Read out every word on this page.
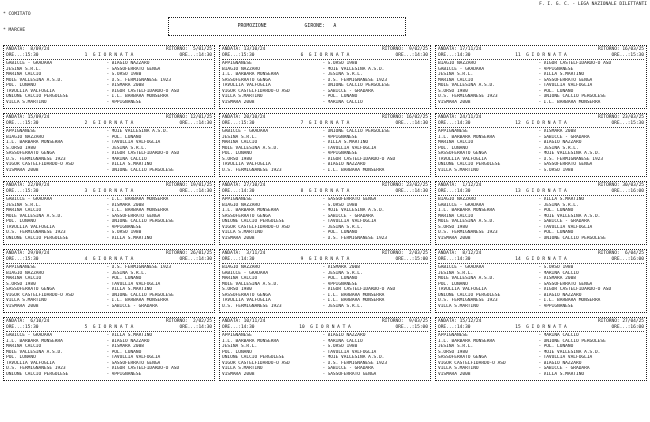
* COMITATO

* MARCHE

F. I. G. C. - LEGA NAZIONALE DILETTANTI
PROMOZIONE	GIRONE:   A
ANDATA:  8/09/24	RITORNO:  5/01/25
ORE...:15:30	1  G I O R N A T A	ORE...:14:30
GABICCE - GRADARA	- BIAGIO NAZZARO
JESINA S.R.L.	- SASSOFERRATO GENGA
MARINA CALCIO	- S.ORSO 1980
MOIE VALLESINA A.S.D.	- U.S. FERMIGNANESE 1923
POL. LUNANO	- VISMARA 2008
TAVULLIA VALFOGLIA	- VIGOR CASTELFIDARDO-O ASD
UNIONE CALCIO PERGOLESE	- I.L. BARBARA MONSERRA
VILLA S.MARTINO	- APPIGNANESE
ANDATA: 13/10/24	RITORNO:  9/02/25
ORE...:15:30	6  G I O R N A T A	ORE...:14:30
APPIGNANESE	- S.ORSO 1980
BIAGIO NAZZARO	- MOIE VALLESINA A.S.D.
I.L. BARBARA MONSERRA	- JESINA S.R.L.
SASSOFERRATO GENGA	- U.S. FERMIGNANESE 1923
TAVULLIA VALFOGLIA	- UNIONE CALCIO PERGOLESE
VIGOR CASTELFIDARDO-O ASD	- GABICCE - GRADARA
VILLA S.MARTINO	- POL. LUNANO
VISMARA 2008	- MARINA CALCIO
ANDATA: 17/11/24	RITORNO: 16/03/25
ORE...:14:30	11  G I O R N A T A	ORE...:15:30
BIAGIO NAZZARO	- VIGOR CASTELFIDARDO-O ASD
GABICCE - GRADARA	- APPIGNANESE
JESINA S.R.L.	- VILLA S.MARTINO
MARINA CALCIO	- SASSOFERRATO GENGA
MOIE VALLESINA A.S.D.	- TAVULLIA VALFOGLIA
S.ORSO 1980	- POL. LUNANO
U.S. FERMIGNANESE 1923	- UNIONE CALCIO PERGOLESE
VISMARA 2008	- I.L. BARBARA MONSERRA
ANDATA: 15/09/24	RITORNO: 12/01/25
ORE...:15:30	2  G I O R N A T A	ORE...:14:30
APPIGNANESE	- MOIE VALLESINA A.S.D.
BIAGIO NAZZARO	- POL. LUNANO
I.L. BARBARA MONSERRA	- TAVULLIA VALFOGLIA
S.ORSO 1980	- JESINA S.R.L.
SASSOFERRATO GENGA	- VIGOR CASTELFIDARDO-O ASD
U.S. FERMIGNANESE 1923	- MARINA CALCIO
VIGOR CASTELFIDARDO-O ASD	- VILLA S.MARTINO
VISMARA 2008	- UNIONE CALCIO PERGOLESE
ANDATA: 20/10/24	RITORNO: 16/02/25
ORE...:15:30	7  G I O R N A T A	ORE...:14:30
GABICCE - GRADARA	- UNIONE CALCIO PERGOLESE
JESINA S.R.L.	- APPIGNANESE
MARINA CALCIO	- VILLA S.MARTINO
MOIE VALLESINA A.S.D.	- TAVULLIA VALFOGLIA
POL. LUNANO	- APPIGNANESE
S.ORSO 1980	- VIGOR CASTELFIDARDO-O ASD
TAVULLIA VALFOGLIA	- BIAGIO NAZZARO
U.S. FERMIGNANESE 1923	- I.L. BARBARA MONSERRA
ANDATA: 24/11/24	RITORNO: 23/03/25
ORE...:14:30	12  G I O R N A T A	ORE...:15:30
APPIGNANESE	- VISMARA 2008
I.L. BARBARA MONSERRA	- GABICCE - GRADARA
MARINA CALCIO	- BIAGIO NAZZARO
POL. LUNANO	- JESINA S.R.L.
SASSOFERRATO GENGA	- MOIE VALLESINA A.S.D.
TAVULLIA VALFOGLIA	- U.S. FERMIGNANESE 1923
UNIONE CALCIO PERGOLESE	- SASSOFERRATO GENGA
VILLA S.MARTINO	- S.ORSO 1980
ANDATA: 22/09/24	RITORNO: 19/01/25
ORE...:15:30	3  G I O R N A T A	ORE...:14:30
GABICCE - GRADARA	- I.L. BARBARA MONSERRA
JESINA S.R.L.	- VISMARA 2008
MARINA CALCIO	- I.L. BARBARA MONSERRA
MOIE VALLESINA A.S.D.	- SASSOFERRATO GENGA
POL. LUNANO	- UNIONE CALCIO PERGOLESE
TAVULLIA VALFOGLIA	- APPIGNANESE
U.S. FERMIGNANESE 1923	- S.ORSO 1980
UNIONE CALCIO PERGOLESE	- VILLA S.MARTINO
ANDATA: 27/10/24	RITORNO: 23/02/25
ORE...:14:30	8  G I O R N A T A	ORE...:14:30
APPIGNANESE	- SASSOFERRATO GENGA
BIAGIO NAZZARO	- S.ORSO 1980
I.L. BARBARA MONSERRA	- MOIE VALLESINA A.S.D.
SASSOFERRATO GENGA	- GABICCE - GRADARA
UNIONE CALCIO PERGOLESE	- TAVULLIA VALFOGLIA
VIGOR CASTELFIDARDO-O ASD	- JESINA S.R.L.
VILLA S.MARTINO	- POL. LUNANO
VISMARA 2008	- U.S. FERMIGNANESE 1923
ANDATA:  1/12/24	RITORNO: 30/03/25
ORE...:14:30	13  G I O R N A T A	ORE...:16:00
BIAGIO NAZZARO	- VILLA S.MARTINO
GABICCE - GRADARA	- JESINA S.R.L.
I.L. BARBARA MONSERRA	- POL. LUNANO
MARINA CALCIO	- MOIE VALLESINA A.S.D.
MOIE VALLESINA A.S.D.	- GABICCE - GRADARA
S.ORSO 1980	- TAVULLIA VALFOGLIA
U.S. FERMIGNANESE 1923	- POL. LUNANO
VISMARA 2008	- UNIONE CALCIO PERGOLESE
ANDATA: 29/09/24	RITORNO: 26/01/25
ORE...:15:30	4  G I O R N A T A	ORE...:14:30
APPIGNANESE	- U.S. FERMIGNANESE 1923
BIAGIO NAZZARO	- JESINA S.R.L.
MARINA CALCIO	- POL. LUNANO
S.ORSO 1980	- TAVULLIA VALFOGLIA
SASSOFERRATO GENGA	- VILLA S.MARTINO
VIGOR CASTELFIDARDO-O ASD	- UNIONE CALCIO PERGOLESE
VILLA S.MARTINO	- I.L. BARBARA MONSERRA
VISMARA 2008	- GABICCE - GRADARA
ANDATA:  3/11/24	RITORNO:  2/03/25
ORE...:14:30	9  G I O R N A T A	ORE...:15:00
BIAGIO NAZZARO	- VISMARA 2008
GABICCE - GRADARA	- JESINA S.R.L.
MARINA CALCIO	- POL. LUNANO
MOIE VALLESINA A.S.D.	- APPIGNANESE
S.ORSO 1980	- VIGOR CASTELFIDARDO-O ASD
SASSOFERRATO GENGA	- I.L. BARBARA MONSERRA
TAVULLIA VALFOGLIA	- I.L. BARBARA MONSERRA
U.S. FERMIGNANESE 1923	- JESINA S.R.L.
ANDATA:  8/12/24	RITORNO:  6/04/25
ORE...:14:30	14  G I O R N A T A	ORE...:16:00
GABICCE - GRADARA	- S.ORSO 1980
JESINA S.R.L.	- MARINA CALCIO
MOIE VALLESINA A.S.D.	- VISMARA 2008
POL. LUNANO	- SASSOFERRATO GENGA
TAVULLIA VALFOGLIA	- VIGOR CASTELFIDARDO-O ASD
UNIONE CALCIO PERGOLESE	- BIAGIO NAZZARO
U.S. FERMIGNANESE 1923	- I.L. BARBARA MONSERRA
VILLA S.MARTINO	- APPIGNANESE
ANDATA:  6/10/24	RITORNO:  2/02/25
ORE...:15:30	5  G I O R N A T A	ORE...:14:30
GABICCE - GRADARA	- VILLA S.MARTINO
I.L. BARBARA MONSERRA	- BIAGIO NAZZARO
MARINA CALCIO	- VISMARA 2008
MOIE VALLESINA A.S.D.	- POL. LUNANO
POL. LUNANO	- TAVULLIA VALFOGLIA
TAVULLIA VALFOGLIA	- SASSOFERRATO GENGA
U.S. FERMIGNANESE 1923	- VIGOR CASTELFIDARDO-O ASD
UNIONE CALCIO PERGOLESE	- APPIGNANESE
ANDATA: 10/11/24	RITORNO:  9/03/25
ORE...:14:30	10  G I O R N A T A	ORE...:15:00
APPIGNANESE	- BIAGIO NAZZARO
I.L. BARBARA MONSERRA	- MARINA CALCIO
JESINA S.R.L.	- S.ORSO 1980
POL. LUNANO	- TAVULLIA VALFOGLIA
UNIONE CALCIO PERGOLESE	- MOIE VALLESINA A.S.D.
VIGOR CASTELFIDARDO-O ASD	- U.S. FERMIGNANESE 1923
VILLA S.MARTINO	- GABICCE - GRADARA
VISMARA 2008	- SASSOFERRATO GENGA
ANDATA: 15/12/24	RITORNO: 27/04/25
ORE...:14:30	15  G I O R N A T A	ORE...:16:00
APPIGNANESE	- MARINA CALCIO
I.L. BARBARA MONSERRA	- UNIONE CALCIO PERGOLESE
JESINA S.R.L.	- POL. LUNANO
S.ORSO 1980	- MOIE VALLESINA A.S.D.
SASSOFERRATO GENGA	- TAVULLIA VALFOGLIA
VIGOR CASTELFIDARDO-O ASD	- BIAGIO NAZZARO
VILLA S.MARTINO	- GABICCE - GRADARA
VISMARA 2008	- VILLA S.MARTINO
